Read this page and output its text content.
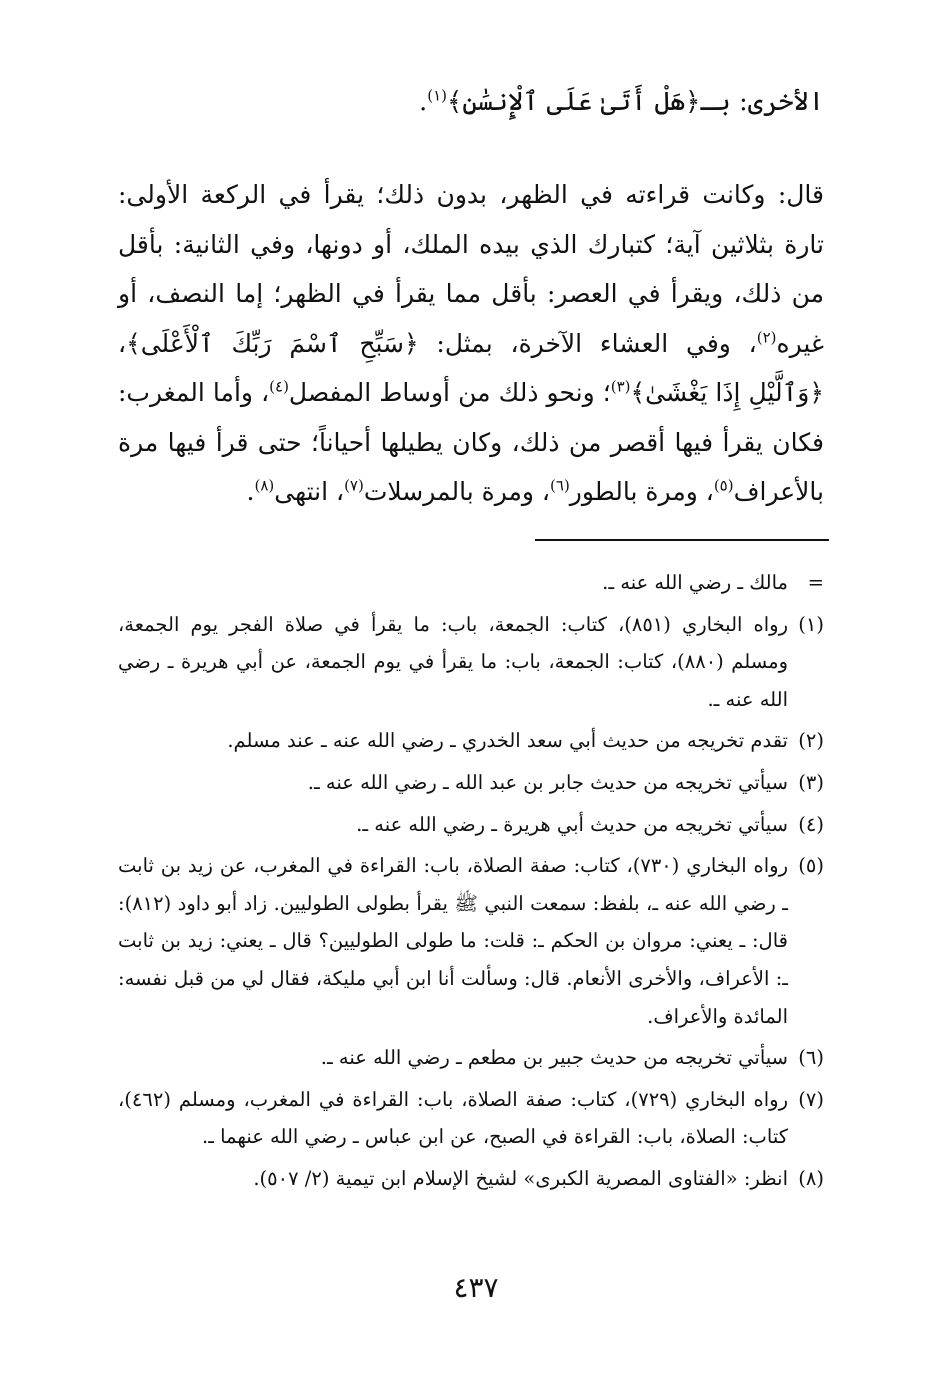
الأخرى: بـ﴿هَلْ أَتَىٰ عَلَى ٱلْإِنسَٰنِ﴾$^{(١)}$.

قال: وكانت قراءته في الظهر، بدون ذلك؛ يقرأ في الركعة الأولى: تارة بثلاثين آية؛ كتبارك الذي بيده الملك، أو دونها، وفي الثانية: بأقل من ذلك، ويقرأ في العصر: بأقل مما يقرأ في الظهر؛ إما النصف، أو غيره$^{(٢)}$، وفي العشاء الآخرة، بمثل: ﴿سَبِّحِ ٱسْمَ رَبِّكَ ٱلْأَعْلَى﴾، ﴿وَٱلَّيْلِ إِذَا يَغْشَىٰ﴾$^{(٣)}$؛ ونحو ذلك من أوساط المفصل$^{(٤)}$، وأما المغرب: فكان يقرأ فيها أقصر من ذلك، وكان يطيلها أحياناً؛ حتى قرأ فيها مرة بالأعراف$^{(٥)}$، ومرة بالطور$^{(٦)}$، ومرة بالمرسلات$^{(٧)}$، انتهى$^{(٨)}$.

=
مالك ـ رضي الله عنه ـ.
(١)
رواه البخاري (٨٥١)، كتاب: الجمعة، باب: ما يقرأ في صلاة الفجر يوم الجمعة، ومسلم (٨٨٠)، كتاب: الجمعة، باب: ما يقرأ في يوم الجمعة، عن أبي هريرة ـ رضي الله عنه ـ.
(٢)
تقدم تخريجه من حديث أبي سعد الخدري ـ رضي الله عنه ـ عند مسلم.
(٣)
سيأتي تخريجه من حديث جابر بن عبد الله ـ رضي الله عنه ـ.
(٤)
سيأتي تخريجه من حديث أبي هريرة ـ رضي الله عنه ـ.
(٥)
رواه البخاري (٧٣٠)، كتاب: صفة الصلاة، باب: القراءة في المغرب، عن زيد بن ثابت ـ رضي الله عنه ـ، بلفظ: سمعت النبي ﷺ يقرأ بطولى الطوليين. زاد أبو داود (٨١٢): قال: ـ يعني: مروان بن الحكم ـ: قلت: ما طولى الطوليين؟ قال ـ يعني: زيد بن ثابت ـ: الأعراف، والأخرى الأنعام. قال: وسألت أنا ابن أبي مليكة، فقال لي من قبل نفسه: المائدة والأعراف.
(٦)
سيأتي تخريجه من حديث جبير بن مطعم ـ رضي الله عنه ـ.
(٧)
رواه البخاري (٧٢٩)، كتاب: صفة الصلاة، باب: القراءة في المغرب، ومسلم (٤٦٢)، كتاب: الصلاة، باب: القراءة في الصبح، عن ابن عباس ـ رضي الله عنهما ـ.
(٨)
انظر: «الفتاوى المصرية الكبرى» لشيخ الإسلام ابن تيمية (٢/ ٥٠٧).
٤٣٧
